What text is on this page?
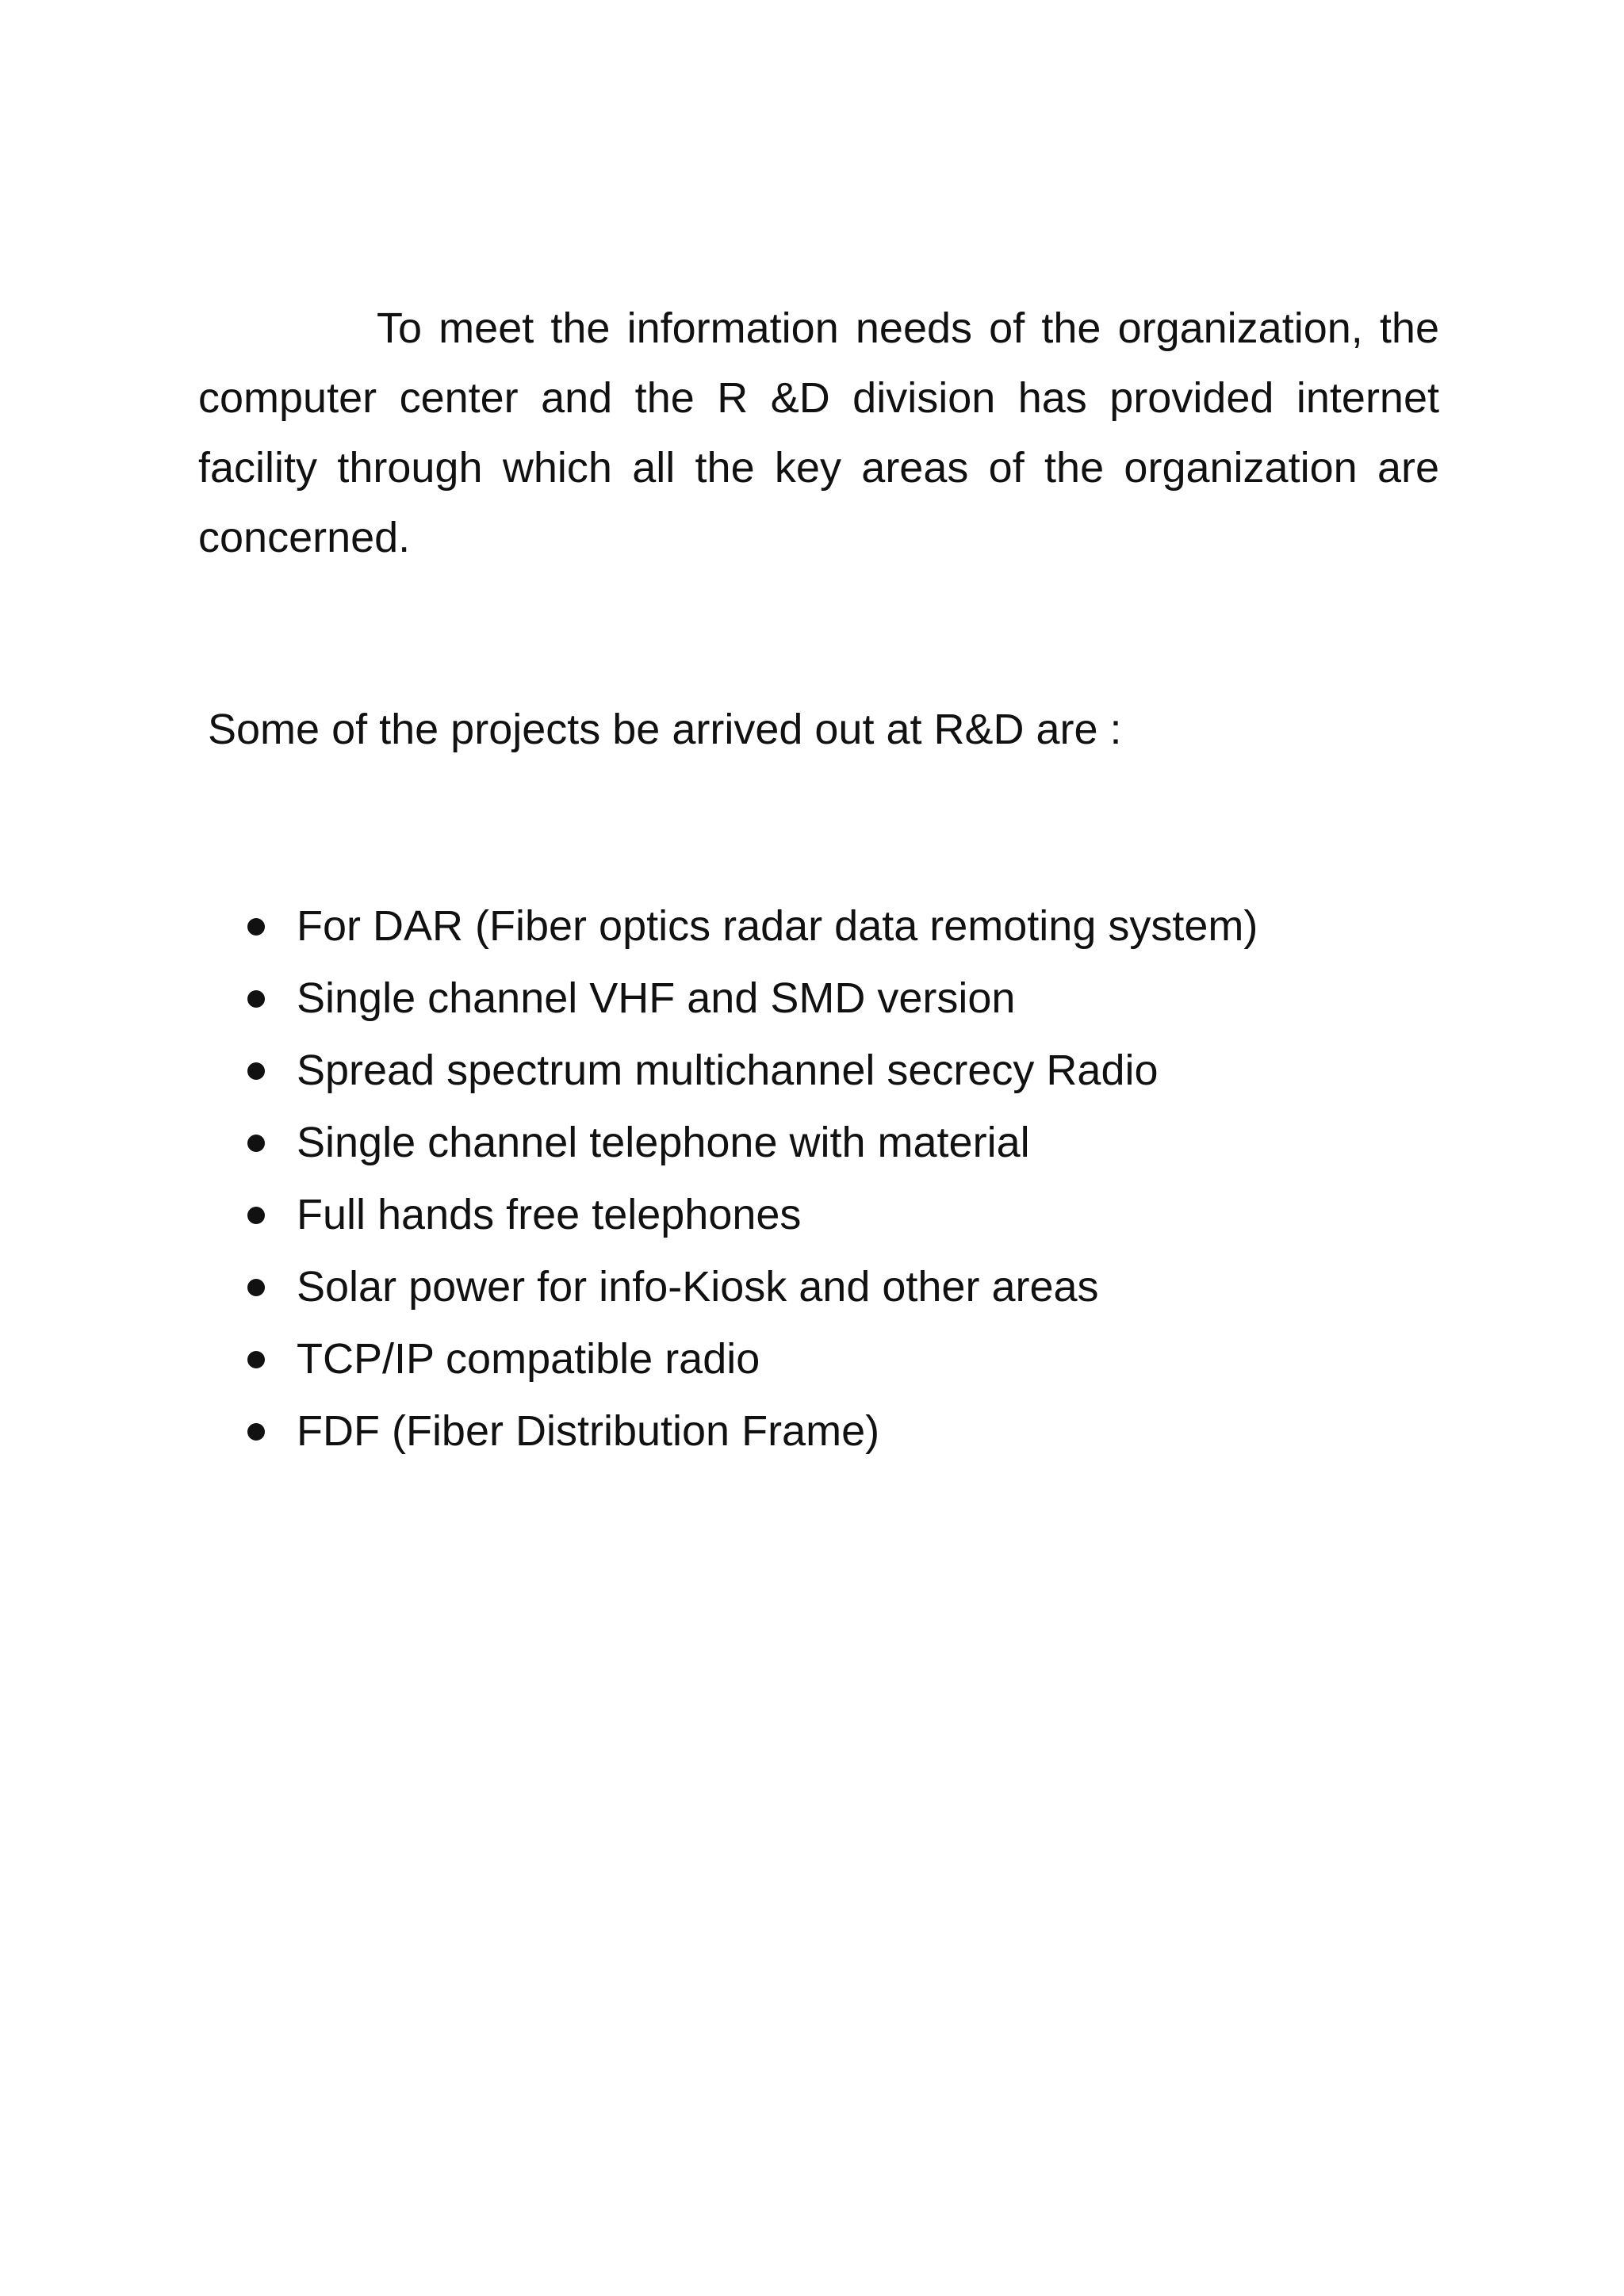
To meet the information needs of the organization, the computer center and the R &D division has provided internet facility through which all the key areas of the organization are concerned.

Some of the projects be arrived out at R&D are :

For DAR (Fiber optics radar data remoting system)
Single channel VHF and SMD version
Spread spectrum multichannel secrecy Radio
Single channel telephone with material
Full hands free telephones
Solar power for info-Kiosk and other areas
TCP/IP compatible radio
FDF (Fiber Distribution Frame)
